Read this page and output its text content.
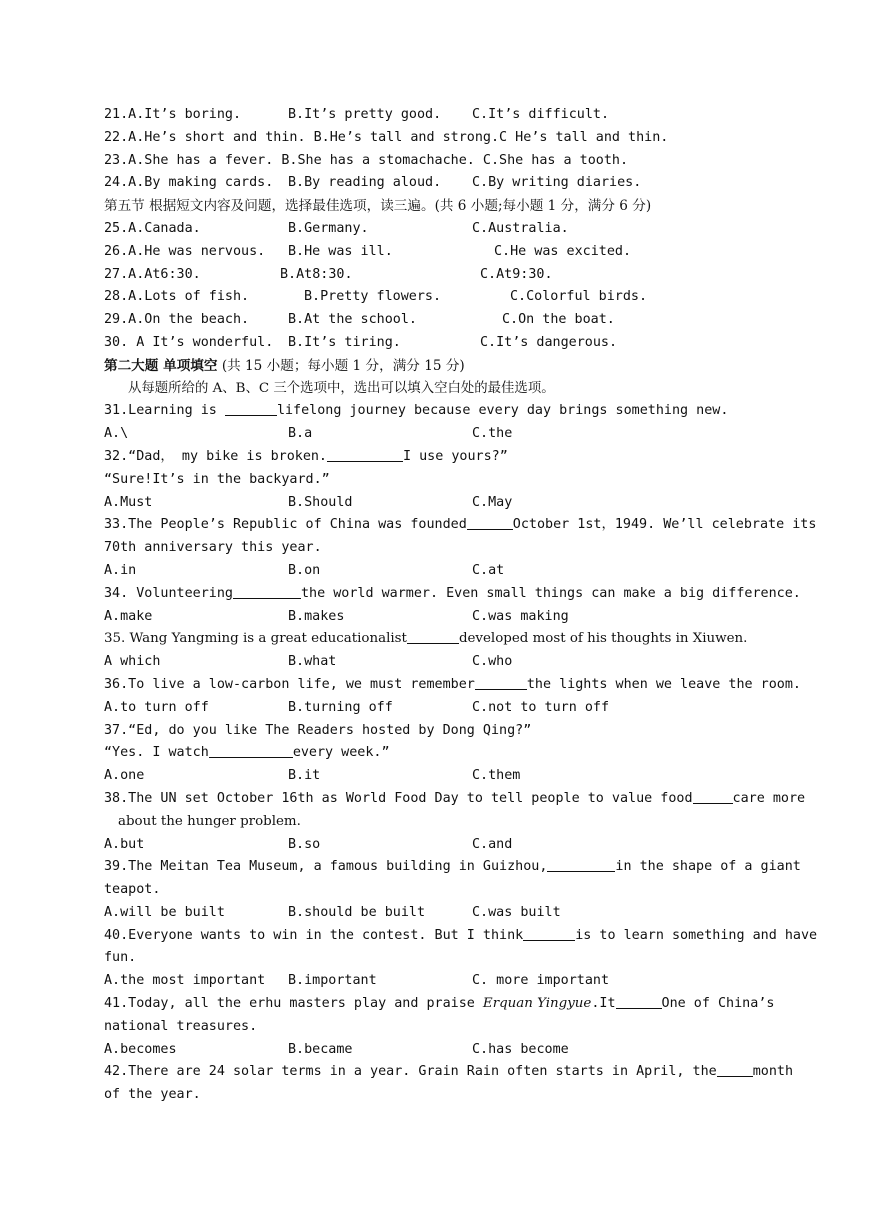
21.A.It’s boring.	B.It’s pretty good. C.It’s difficult.
22.A.He’s short and thin. B.He’s tall and strong.C He’s tall and thin.
23.A.She has a fever. B.She has a stomachache. C.She has a tooth.
24.A.By making cards. B.By reading aloud. C.By writing diaries.
第五节 根据短文内容及问题，选择最佳选项，读三遍。(共 6 小题;每小题 1 分，满分 6 分)
25.A.Canada.	B.Germany.	C.Australia.
26.A.He was nervous. B.He was ill.	C.He was excited.
27.A.At6:30.	B.At8:30.	C.At9:30.
28.A.Lots of fish.	B.Pretty flowers.	C.Colorful birds.
29.A.On the beach.	B.At the school.	C.On the boat.
30. A It’s wonderful. B.It’s tiring.	C.It’s dangerous.
第二大题 单项填空 (共 15 小题；每小题 1 分，满分 15 分)
从每题所给的 A、B、C 三个选项中，选出可以填入空白处的最佳选项。
31.Learning is	lifelong journey because every day brings something new.
A.\	B.a	C.the
32.“Dad， my bike is broken.	I use yours?”
“Sure!It’s in the backyard.”
A.Must	B.Should	C.May
33.The People’s Republic of China was founded	October 1st，1949. We’ll celebrate its
70th anniversary this year.
A.in	B.on	C.at
34. Volunteering	the world warmer. Even small things can make a big difference.
A.make	B.makes	C.was making
35. Wang Yangming is a great educationalist	developed most of his thoughts in Xiuwen.
A which	B.what	C.who
36.To live a low-carbon life, we must remember	the lights when we leave the room.
A.to turn off	B.turning off	C.not to turn off
37.“Ed, do you like The Readers hosted by Dong Qing?”
“Yes. I watch	every week.”
A.one	B.it	C.them
38.The UN set October 16th as World Food Day to tell people to value food	care more
about the hunger problem.
A.but	B.so	C.and
39.The Meitan Tea Museum, a famous building in Guizhou,	in the shape of a giant
teapot.
A.will be built	B.should be built	C.was built
40.Everyone wants to win in the contest. But I think	is to learn something and have
fun.
A.the most important B.important	C. more important
41.Today, all the erhu masters play and praise Erquan Yingyue.It	One of China’s
national treasures.
A.becomes	B.became	C.has become
42.There are 24 solar terms in a year. Grain Rain often starts in April, the	month
of the year.
